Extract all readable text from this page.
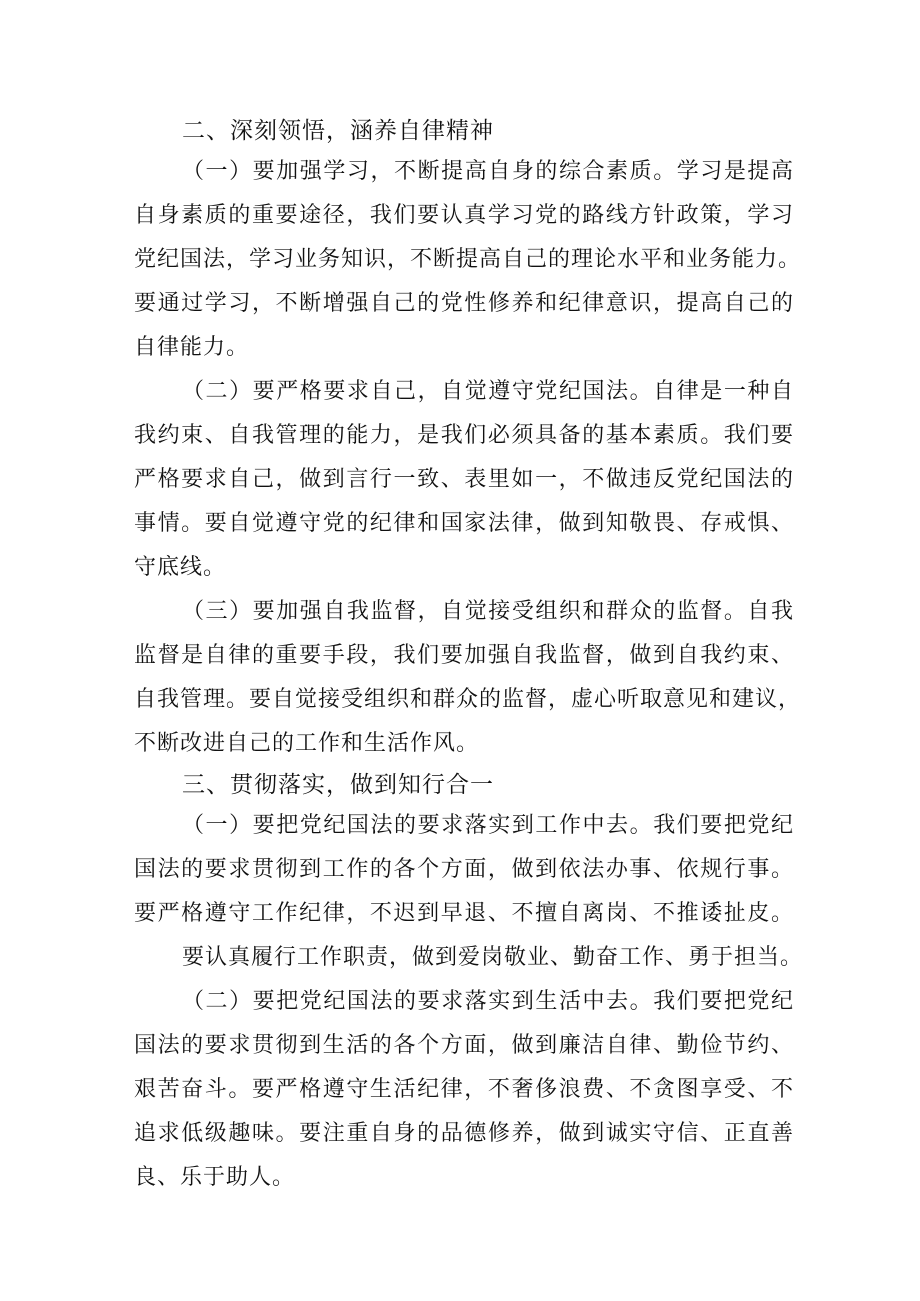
二、深刻领悟，涵养自律精神
（一）要加强学习，不断提高自身的综合素质。学习是提高
自身素质的重要途径，我们要认真学习党的路线方针政策，学习
党纪国法，学习业务知识，不断提高自己的理论水平和业务能力。
要通过学习，不断增强自己的党性修养和纪律意识，提高自己的
自律能力。
（二）要严格要求自己，自觉遵守党纪国法。自律是一种自
我约束、自我管理的能力，是我们必须具备的基本素质。我们要
严格要求自己，做到言行一致、表里如一，不做违反党纪国法的
事情。要自觉遵守党的纪律和国家法律，做到知敬畏、存戒惧、
守底线。
（三）要加强自我监督，自觉接受组织和群众的监督。自我
监督是自律的重要手段，我们要加强自我监督，做到自我约束、
自我管理。要自觉接受组织和群众的监督，虚心听取意见和建议，
不断改进自己的工作和生活作风。
三、贯彻落实，做到知行合一
（一）要把党纪国法的要求落实到工作中去。我们要把党纪
国法的要求贯彻到工作的各个方面，做到依法办事、依规行事。
要严格遵守工作纪律，不迟到早退、不擅自离岗、不推诿扯皮。
要认真履行工作职责，做到爱岗敬业、勤奋工作、勇于担当。
（二）要把党纪国法的要求落实到生活中去。我们要把党纪
国法的要求贯彻到生活的各个方面，做到廉洁自律、勤俭节约、
艰苦奋斗。要严格遵守生活纪律，不奢侈浪费、不贪图享受、不
追求低级趣味。要注重自身的品德修养，做到诚实守信、正直善
良、乐于助人。
